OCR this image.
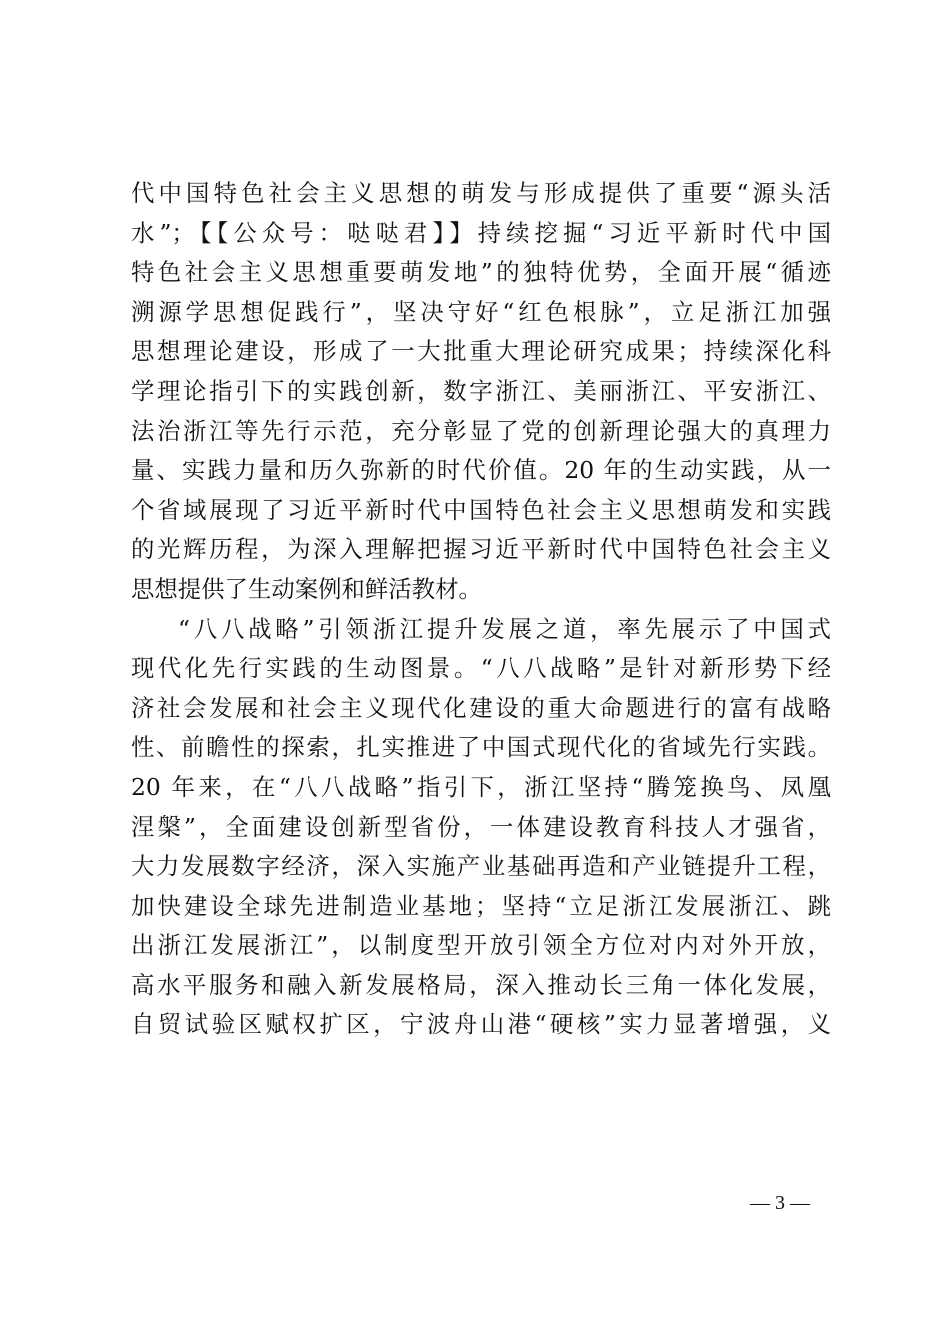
代中国特色社会主义思想的萌发与形成提供了重要“源头活
水”；【【公众号：哒哒君】】持续挖掘“习近平新时代中国
特色社会主义思想重要萌发地”的独特优势，全面开展“循迹
溯源学思想促践行”，坚决守好“红色根脉”，立足浙江加强
思想理论建设，形成了一大批重大理论研究成果；持续深化科
学理论指引下的实践创新，数字浙江、美丽浙江、平安浙江、
法治浙江等先行示范，充分彰显了党的创新理论强大的真理力
量、实践力量和历久弥新的时代价值。20 年的生动实践，从一
个省域展现了习近平新时代中国特色社会主义思想萌发和实践
的光辉历程，为深入理解把握习近平新时代中国特色社会主义
思想提供了生动案例和鲜活教材。
“八八战略”引领浙江提升发展之道，率先展示了中国式
现代化先行实践的生动图景。“八八战略”是针对新形势下经
济社会发展和社会主义现代化建设的重大命题进行的富有战略
性、前瞻性的探索，扎实推进了中国式现代化的省域先行实践。
20 年来，在“八八战略”指引下，浙江坚持“腾笼换鸟、凤凰
涅槃”，全面建设创新型省份，一体建设教育科技人才强省，
大力发展数字经济，深入实施产业基础再造和产业链提升工程，
加快建设全球先进制造业基地；坚持“立足浙江发展浙江、跳
出浙江发展浙江”，以制度型开放引领全方位对内对外开放，
高水平服务和融入新发展格局，深入推动长三角一体化发展，
自贸试验区赋权扩区，宁波舟山港“硬核”实力显著增强，义
— 3 —
